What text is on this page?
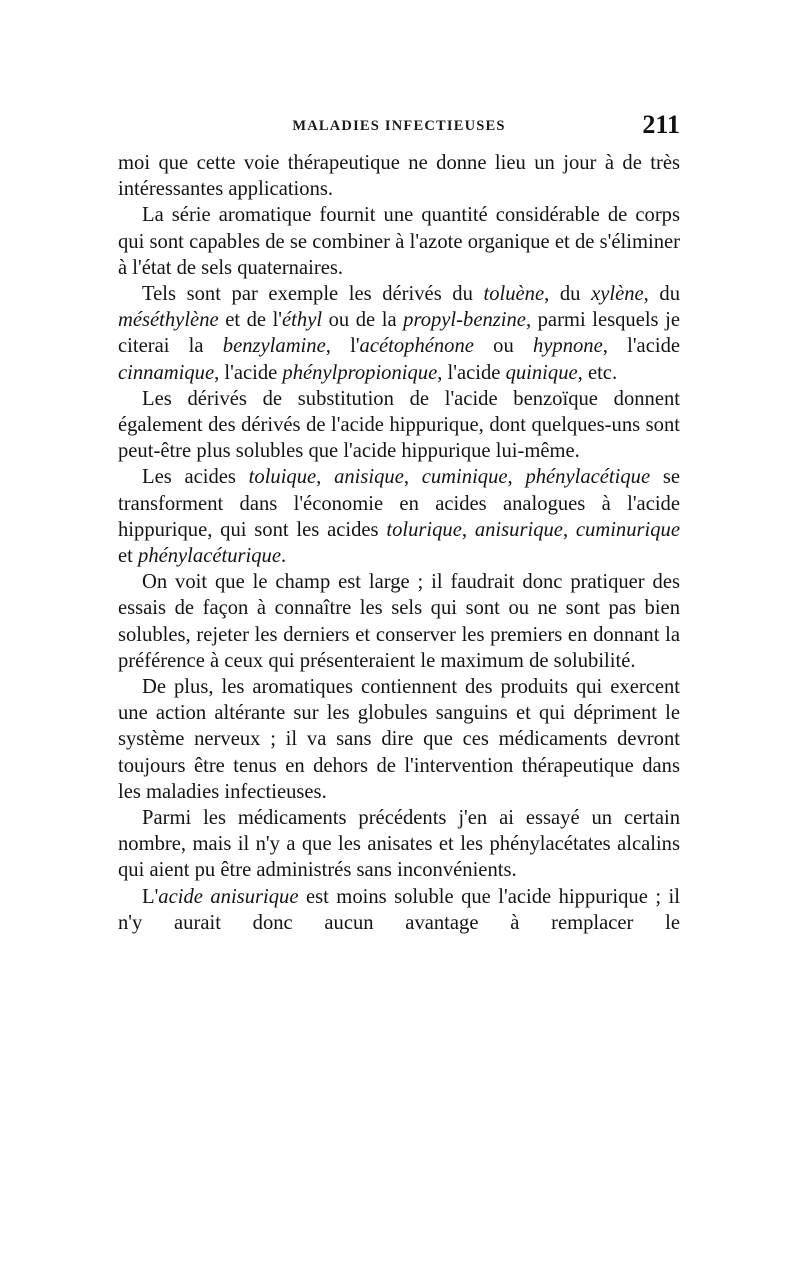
MALADIES INFECTIEUSES	211

moi que cette voie thérapeutique ne donne lieu un jour à de très intéressantes applications.

La série aromatique fournit une quantité considérable de corps qui sont capables de se combiner à l'azote organique et de s'éliminer à l'état de sels quaternaires.

Tels sont par exemple les dérivés du toluène, du xylène, du méséthylène et de l'éthyl ou de la propyl-benzine, parmi lesquels je citerai la benzylamine, l'acétophénone ou hypnone, l'acide cinnamique, l'acide phénylpropionique, l'acide quinique, etc.

Les dérivés de substitution de l'acide benzoïque donnent également des dérivés de l'acide hippurique, dont quelques-uns sont peut-être plus solubles que l'acide hippurique lui-même.

Les acides toluique, anisique, cuminique, phénylacétique se transforment dans l'économie en acides analogues à l'acide hippurique, qui sont les acides tolurique, anisurique, cuminurique et phénylacéturique.

On voit que le champ est large ; il faudrait donc pratiquer des essais de façon à connaître les sels qui sont ou ne sont pas bien solubles, rejeter les derniers et conserver les premiers en donnant la préférence à ceux qui présenteraient le maximum de solubilité.

De plus, les aromatiques contiennent des produits qui exercent une action altérante sur les globules sanguins et qui dépriment le système nerveux ; il va sans dire que ces médicaments devront toujours être tenus en dehors de l'intervention thérapeutique dans les maladies infectieuses.

Parmi les médicaments précédents j'en ai essayé un certain nombre, mais il n'y a que les anisates et les phénylacétates alcalins qui aient pu être administrés sans inconvénients.

L'acide anisurique est moins soluble que l'acide hippurique ; il n'y aurait donc aucun avantage à remplacer le
